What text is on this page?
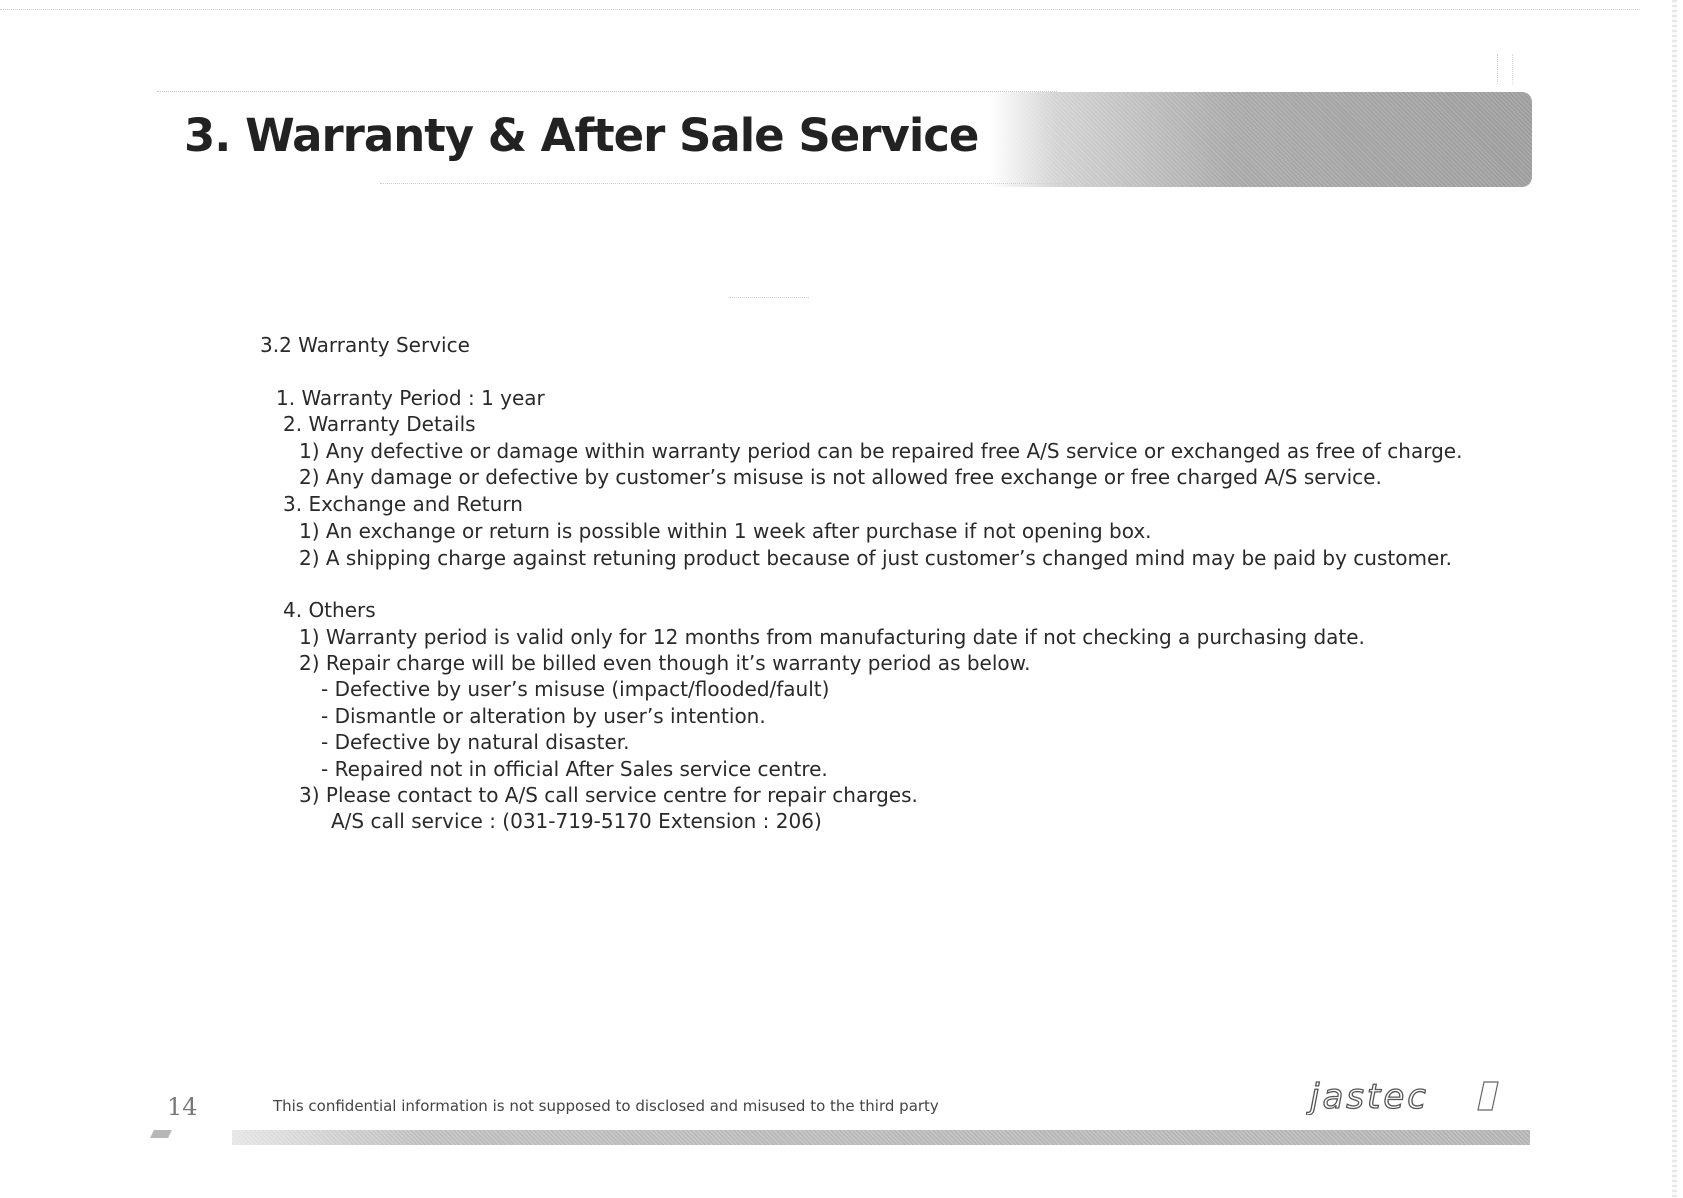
3. Warranty & After Sale Service

3.2 Warranty Service

1. Warranty Period : 1 year

2. Warranty Details

1) Any defective or damage within warranty period can be repaired free A/S service or exchanged as free of charge.

2) Any damage or defective by customer’s misuse is not allowed free exchange or free charged A/S service.

3. Exchange and Return

1) An exchange or return is possible within 1 week after purchase if not opening box.

2) A shipping charge against retuning product because of just customer’s changed mind may be paid by customer.

4. Others

1) Warranty period is valid only for 12 months from manufacturing date if not checking a purchasing date.

2) Repair charge will be billed even though it’s warranty period as below.

- Defective by user’s misuse (impact/flooded/fault)

- Dismantle or alteration by user’s intention.

- Defective by natural disaster.

- Repaired not in official After Sales service centre.

3) Please contact to A/S call service centre for repair charges.

A/S call service : (031-719-5170 Extension : 206)

14	This confidential information is not supposed to disclosed and misused to the third party	jastec
